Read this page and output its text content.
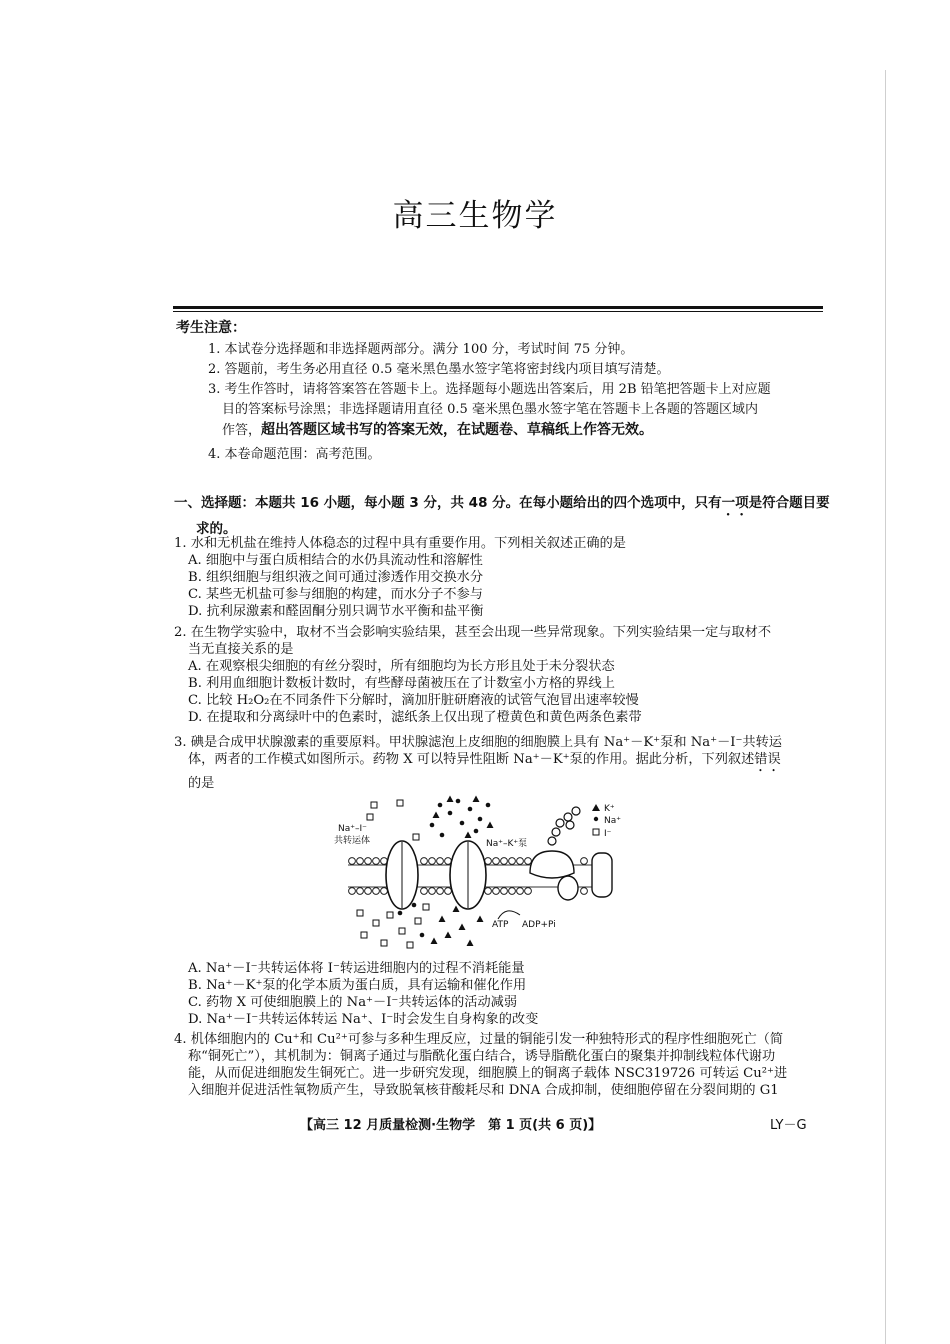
高三生物学
考生注意：
1. 本试卷分选择题和非选择题两部分。满分 100 分，考试时间 75 分钟。
2. 答题前，考生务必用直径 0.5 毫米黑色墨水签字笔将密封线内项目填写清楚。
3. 考生作答时，请将答案答在答题卡上。选择题每小题选出答案后，用 2B 铅笔把答题卡上对应题
目的答案标号涂黑；非选择题请用直径 0.5 毫米黑色墨水签字笔在答题卡上各题的答题区域内
作答，超出答题区域书写的答案无效，在试题卷、草稿纸上作答无效。
4. 本卷命题范围：高考范围。
一、选择题：本题共 16 小题，每小题 3 分，共 48 分。在每小题给出的四个选项中，只有一项是符合题目要
求的。
1. 水和无机盐在维持人体稳态的过程中具有重要作用。下列相关叙述正确的是
A. 细胞中与蛋白质相结合的水仍具流动性和溶解性
B. 组织细胞与组织液之间可通过渗透作用交换水分
C. 某些无机盐可参与细胞的构建，而水分子不参与
D. 抗利尿激素和醛固酮分别只调节水平衡和盐平衡
2. 在生物学实验中，取材不当会影响实验结果，甚至会出现一些异常现象。下列实验结果一定与取材不
当无直接关系的是
A. 在观察根尖细胞的有丝分裂时，所有细胞均为长方形且处于未分裂状态
B. 利用血细胞计数板计数时，有些酵母菌被压在了计数室小方格的界线上
C. 比较 H₂O₂在不同条件下分解时，滴加肝脏研磨液的试管气泡冒出速率较慢
D. 在提取和分离绿叶中的色素时，滤纸条上仅出现了橙黄色和黄色两条色素带
3. 碘是合成甲状腺激素的重要原料。甲状腺滤泡上皮细胞的细胞膜上具有 Na⁺－K⁺泵和 Na⁺－I⁻共转运
体，两者的工作模式如图所示。药物 X 可以特异性阻断 Na⁺－K⁺泵的作用。据此分析，下列叙述错误
的是
Na⁺–I⁻
共转运体	Na⁺–K⁺泵
ATP ADP+Pi
K⁺
Na⁺
I⁻
A. Na⁺－I⁻共转运体将 I⁻转运进细胞内的过程不消耗能量
B. Na⁺－K⁺泵的化学本质为蛋白质，具有运输和催化作用
C. 药物 X 可使细胞膜上的 Na⁺－I⁻共转运体的活动减弱
D. Na⁺－I⁻共转运体转运 Na⁺、I⁻时会发生自身构象的改变
4. 机体细胞内的 Cu⁺和 Cu²⁺可参与多种生理反应，过量的铜能引发一种独特形式的程序性细胞死亡（简
称“铜死亡”），其机制为：铜离子通过与脂酰化蛋白结合，诱导脂酰化蛋白的聚集并抑制线粒体代谢功
能，从而促进细胞发生铜死亡。进一步研究发现，细胞膜上的铜离子载体 NSC319726 可转运 Cu²⁺进
入细胞并促进活性氧物质产生，导致脱氧核苷酸耗尽和 DNA 合成抑制，使细胞停留在分裂间期的 G1
【高三 12 月质量检测·生物学　第 1 页(共 6 页)】	LY－G
